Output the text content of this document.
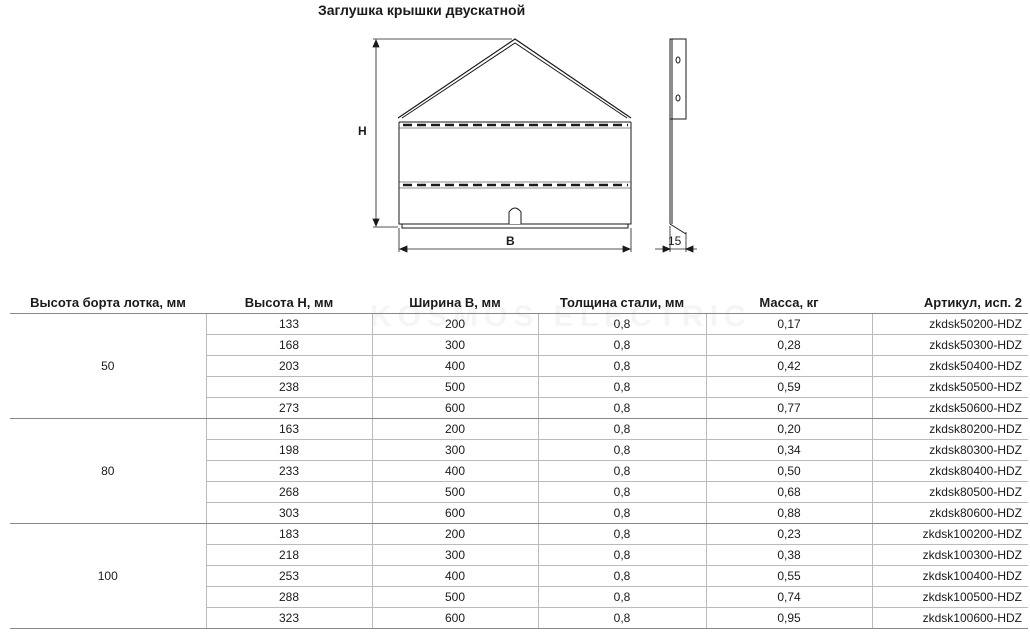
Заглушка крышки двускатной
H
B	15
Высота борта лотка, мм	Высота H, мм	Ширина B, мм	Толщина стали, мм	Масса, кг	Артикул, исп. 2
50	133	200	0,8	0,17	zkdsk50200-HDZ
	168	300	0,8	0,28	zkdsk50300-HDZ
	203	400	0,8	0,42	zkdsk50400-HDZ
	238	500	0,8	0,59	zkdsk50500-HDZ
	273	600	0,8	0,77	zkdsk50600-HDZ
80	163	200	0,8	0,20	zkdsk80200-HDZ
	198	300	0,8	0,34	zkdsk80300-HDZ
	233	400	0,8	0,50	zkdsk80400-HDZ
	268	500	0,8	0,68	zkdsk80500-HDZ
	303	600	0,8	0,88	zkdsk80600-HDZ
100	183	200	0,8	0,23	zkdsk100200-HDZ
	218	300	0,8	0,38	zkdsk100300-HDZ
	253	400	0,8	0,55	zkdsk100400-HDZ
	288	500	0,8	0,74	zkdsk100500-HDZ
	323	600	0,8	0,95	zkdsk100600-HDZ
